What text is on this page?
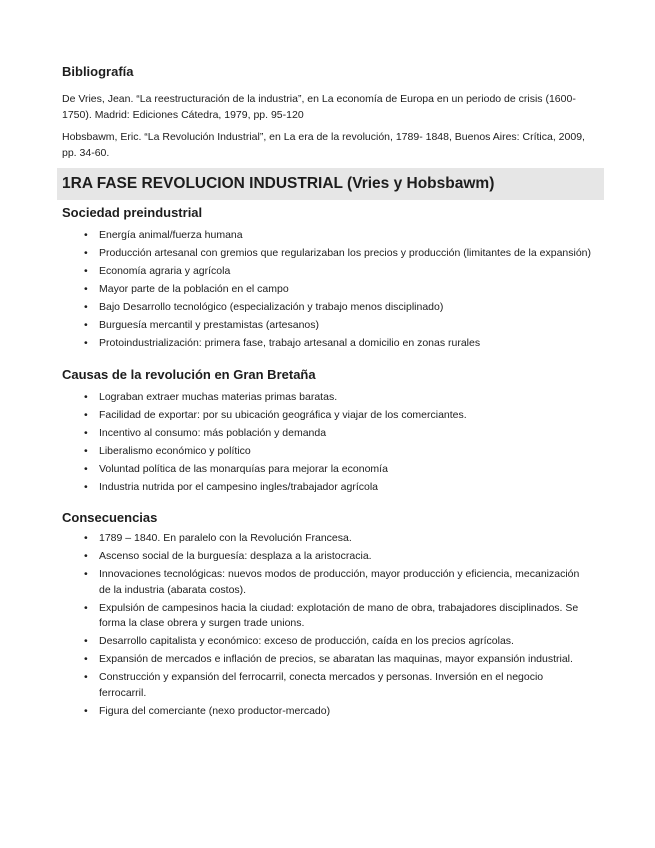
Bibliografía

De Vries, Jean. “La reestructuración de la industria”, en La economía de Europa en un periodo de crisis (1600-1750). Madrid: Ediciones Cátedra, 1979, pp. 95-120

Hobsbawm, Eric. “La Revolución Industrial”, en La era de la revolución, 1789- 1848, Buenos Aires: Crítica, 2009, pp. 34-60.

1RA FASE REVOLUCION INDUSTRIAL (Vries y Hobsbawm)
Sociedad preindustrial
• Energía animal/fuerza humana
• Producción artesanal con gremios que regularizaban los precios y producción (limitantes de la expansión)
• Economía agraria y agrícola
• Mayor parte de la población en el campo
• Bajo Desarrollo tecnológico (especialización y trabajo menos disciplinado)
• Burguesía mercantil y prestamistas (artesanos)
• Protoindustrialización: primera fase, trabajo artesanal a domicilio en zonas rurales
Causas de la revolución en Gran Bretaña
• Lograban extraer muchas materias primas baratas.
• Facilidad de exportar: por su ubicación geográfica y viajar de los comerciantes.
• Incentivo al consumo: más población y demanda
• Liberalismo económico y político
• Voluntad política de las monarquías para mejorar la economía
• Industria nutrida por el campesino ingles/trabajador agrícola
Consecuencias
• 1789 – 1840. En paralelo con la Revolución Francesa.
• Ascenso social de la burguesía: desplaza a la aristocracia.
• Innovaciones tecnológicas: nuevos modos de producción, mayor producción y eficiencia, mecanización de la industria (abarata costos).
• Expulsión de campesinos hacia la ciudad: explotación de mano de obra, trabajadores disciplinados. Se forma la clase obrera y surgen trade unions.
• Desarrollo capitalista y económico: exceso de producción, caída en los precios agrícolas.
• Expansión de mercados e inflación de precios, se abaratan las maquinas, mayor expansión industrial.
• Construcción y expansión del ferrocarril, conecta mercados y personas. Inversión en el negocio ferrocarril.
• Figura del comerciante (nexo productor-mercado)
